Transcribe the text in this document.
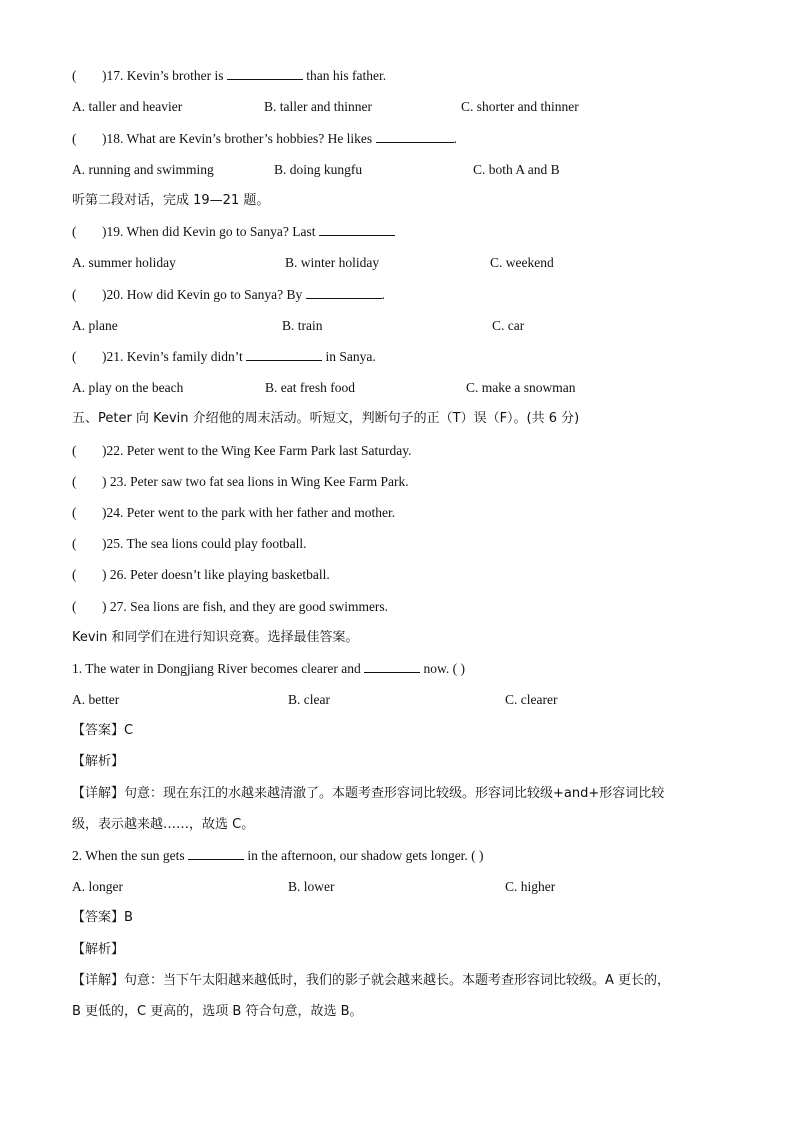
( )17. Kevin’s brother is	than his father.
A. taller and heavier	B. taller and thinner	C. shorter and thinner
( )18. What are Kevin’s brother’s hobbies? He likes	.
A. running and swimming	B. doing kungfu	C. both A and B
听第二段对话，完成 19—21 题。
( )19. When did Kevin go to Sanya? Last
A. summer holiday	B. winter holiday	C. weekend
( )20. How did Kevin go to Sanya? By	.
A. plane	B. train	C. car
( )21. Kevin’s family didn’t	in Sanya.
A. play on the beach	B. eat fresh food	C. make a snowman
五、Peter 向 Kevin 介绍他的周末活动。听短文，判断句子的正（T）误（F）。(共 6 分)
( )22. Peter went to the Wing Kee Farm Park last Saturday.
( ) 23. Peter saw two fat sea lions in Wing Kee Farm Park.
( )24. Peter went to the park with her father and mother.
( )25. The sea lions could play football.
( ) 26. Peter doesn’t like playing basketball.
( ) 27. Sea lions are fish, and they are good swimmers.
Kevin 和同学们在进行知识竞赛。选择最佳答案。
1. The water in Dongjiang River becomes clearer and	now. ( )
A. better	B. clear	C. clearer
【答案】C
【解析】
【详解】句意：现在东江的水越来越清澈了。本题考查形容词比较级。形容词比较级+and+形容词比较
级，表示越来越……，故选 C。
2. When the sun gets	in the afternoon, our shadow gets longer. ( )
A. longer	B. lower	C. higher
【答案】B
【解析】
【详解】句意：当下午太阳越来越低时，我们的影子就会越来越长。本题考查形容词比较级。A 更长的，
B 更低的，C 更高的，选项 B 符合句意，故选 B。
